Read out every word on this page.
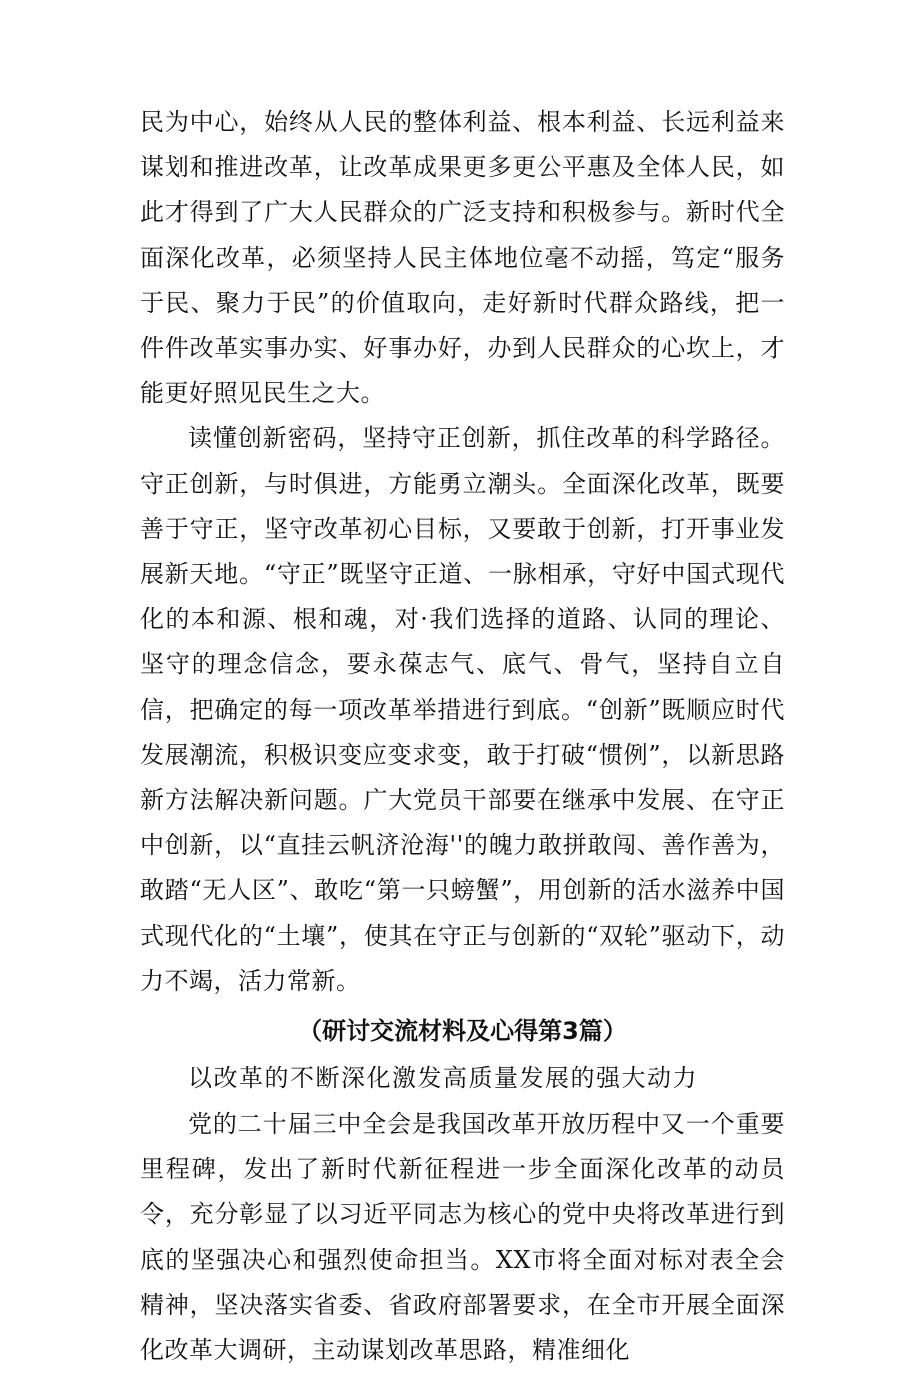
民为中心，始终从人民的整体利益、根本利益、长远利益来谋划和推进改革，让改革成果更多更公平惠及全体人民，如此才得到了广大人民群众的广泛支持和积极参与。新时代全面深化改革，必须坚持人民主体地位毫不动摇，笃定“服务于民、聚力于民”的价值取向，走好新时代群众路线，把一件件改革实事办实、好事办好，办到人民群众的心坎上，才能更好照见民生之大。

读懂创新密码，坚持守正创新，抓住改革的科学路径。守正创新，与时俱进，方能勇立潮头。全面深化改革，既要善于守正，坚守改革初心目标，又要敢于创新，打开事业发展新天地。“守正”既坚守正道、一脉相承，守好中国式现代化的本和源、根和魂，对·我们选择的道路、认同的理论、坚守的理念信念，要永葆志气、底气、骨气，坚持自立自信，把确定的每一项改革举措进行到底。“创新”既顺应时代发展潮流，积极识变应变求变，敢于打破“惯例”，以新思路新方法解决新问题。广大党员干部要在继承中发展、在守正中创新，以“直挂云帆济沧海''的魄力敢拼敢闯、善作善为，敢踏“无人区”、敢吃“第一只螃蟹”，用创新的活水滋养中国式现代化的“土壤”，使其在守正与创新的“双轮”驱动下，动力不竭，活力常新。

（研讨交流材料及心得第3篇）

以改革的不断深化激发高质量发展的强大动力

党的二十届三中全会是我国改革开放历程中又一个重要里程碑，发出了新时代新征程进一步全面深化改革的动员令，充分彰显了以习近平同志为核心的党中央将改革进行到底的坚强决心和强烈使命担当。XX市将全面对标对表全会精神，坚决落实省委、省政府部署要求，在全市开展全面深化改革大调研，主动谋划改革思路，精准细化
